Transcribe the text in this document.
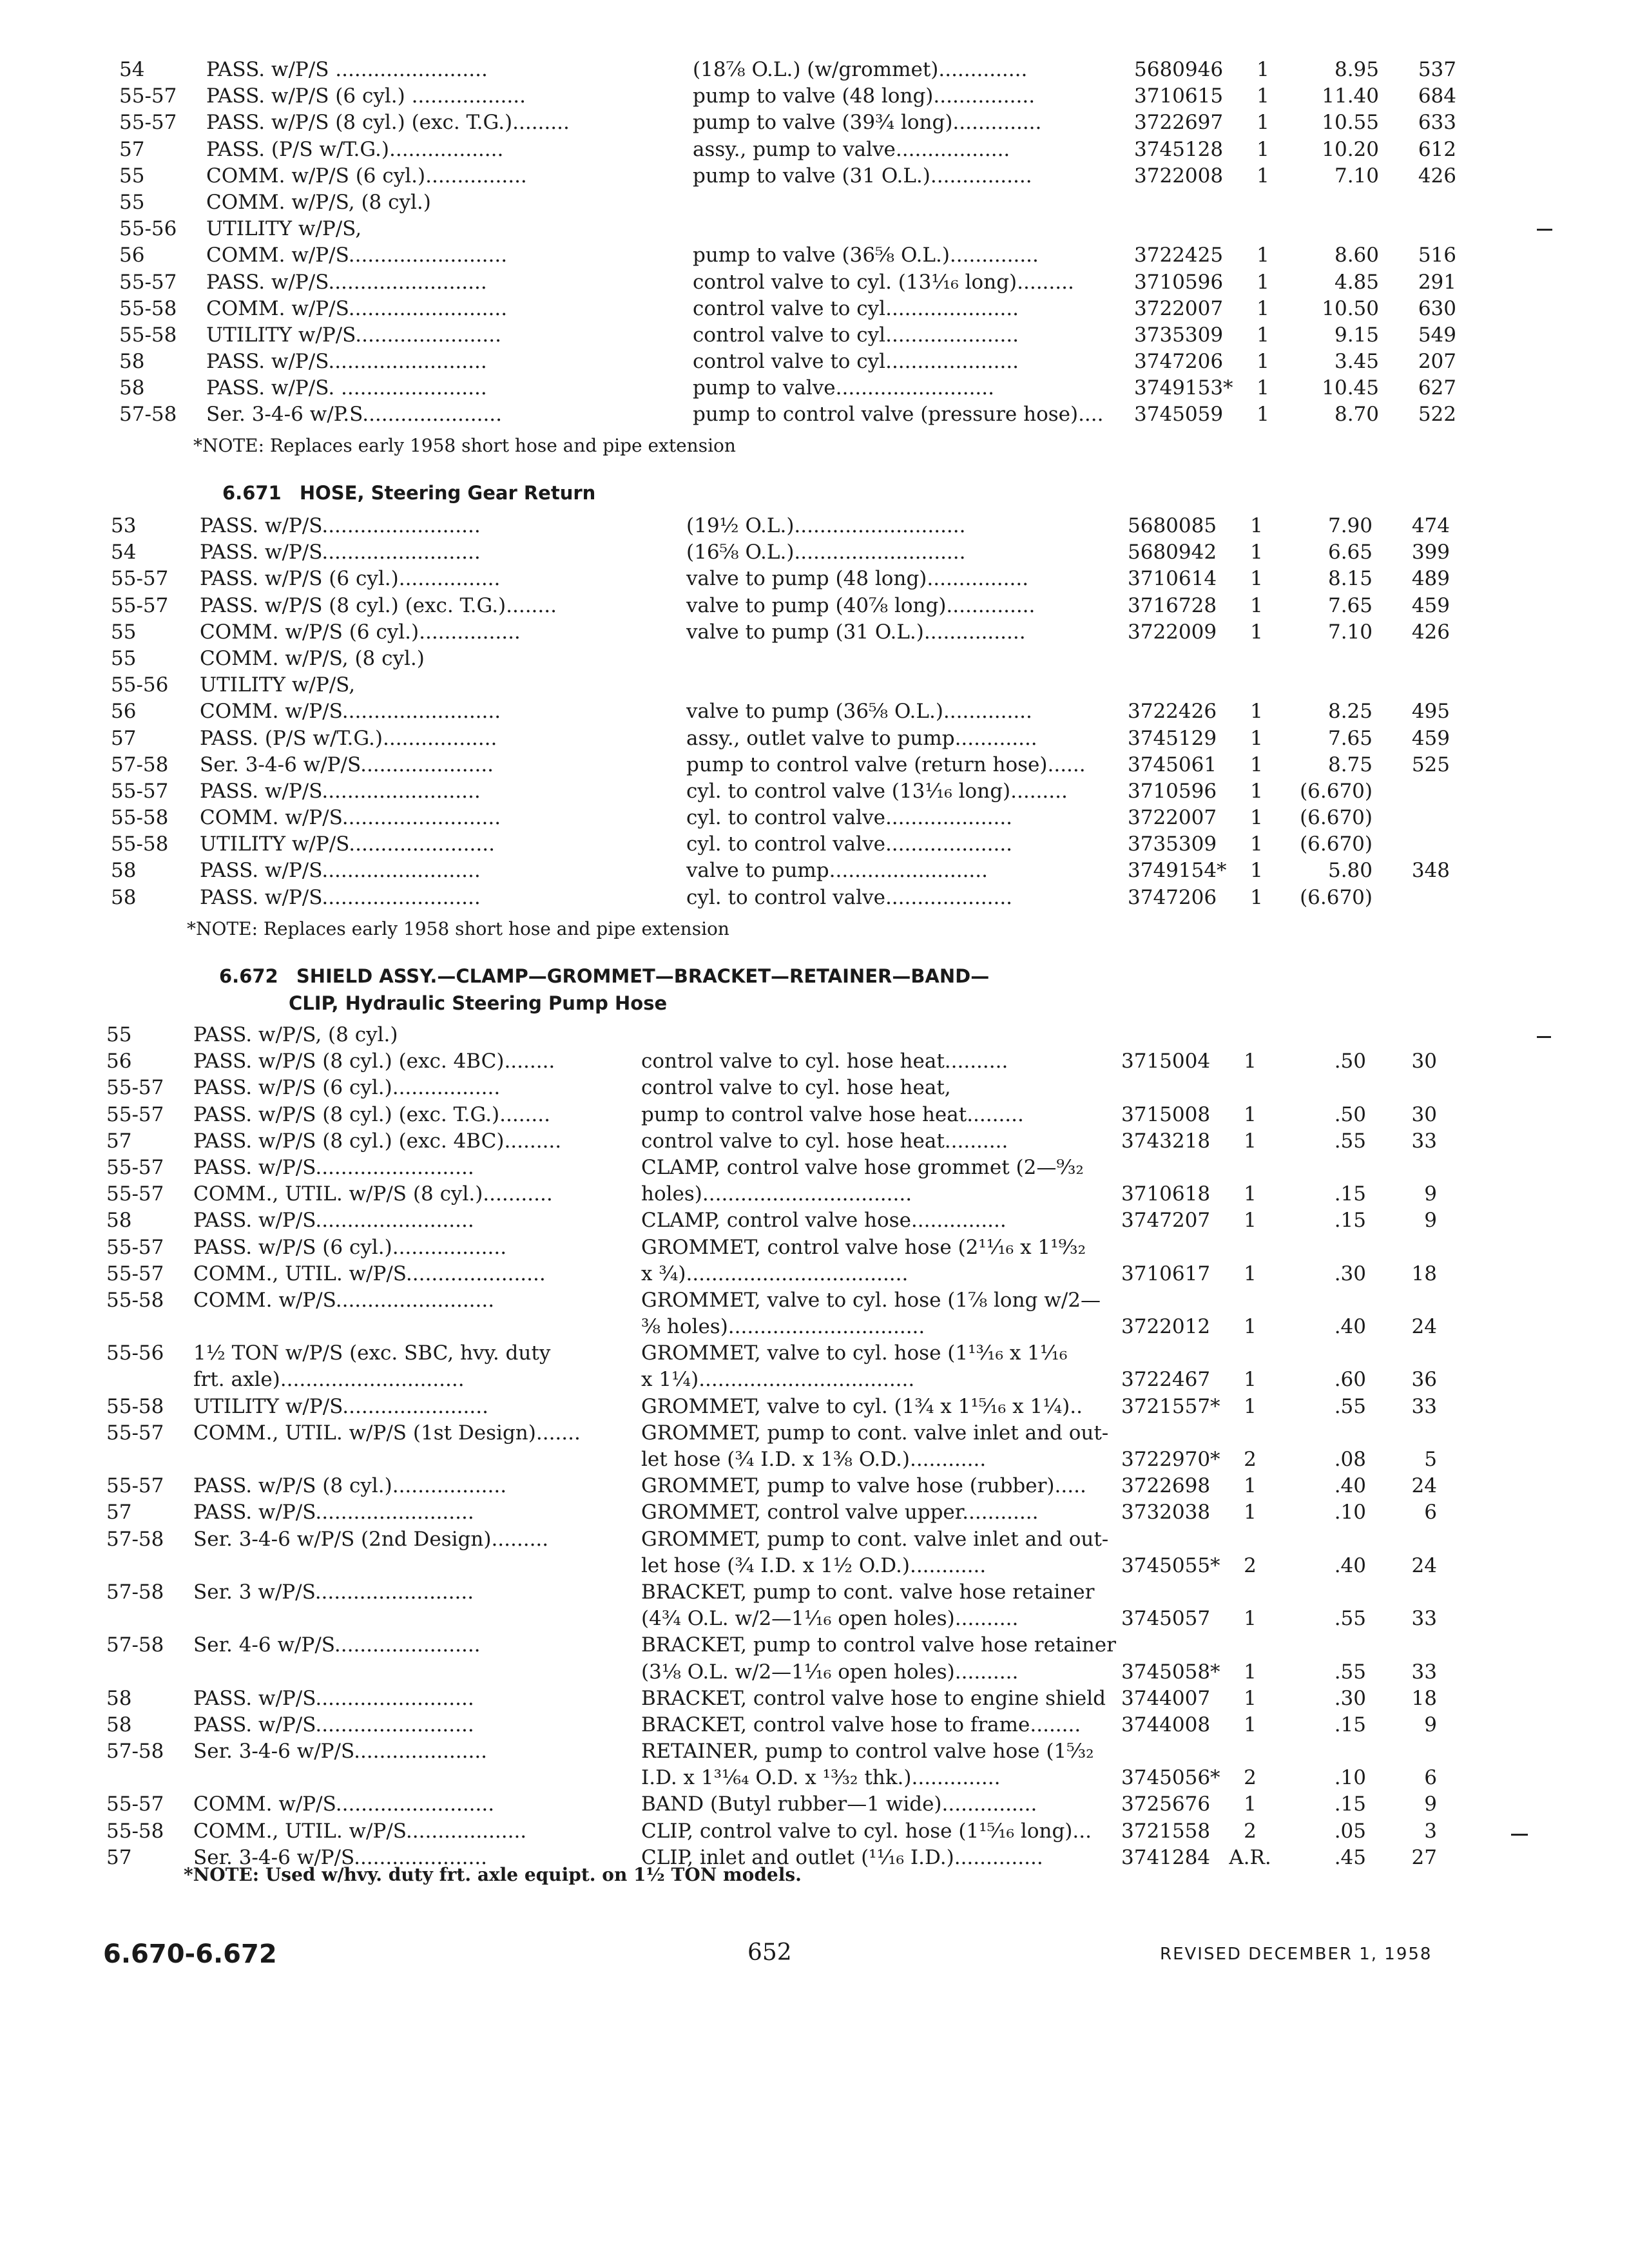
54	PASS. w/P/S ........................	(18⅞ O.L.) (w/grommet)..............	5680946	1	8.95	537
55-57 PASS. w/P/S (6 cyl.) ..................	pump to valve (48 long)................	3710615	1	11.40	684
55-57 PASS. w/P/S (8 cyl.) (exc. T.G.).........	pump to valve (39¾ long)..............	3722697	1	10.55	633
57	PASS. (P/S w/T.G.)..................	assy., pump to valve..................	3745128	1	10.20	612
55	COMM. w/P/S (6 cyl.)................	pump to valve (31 O.L.)................	3722008	1	7.10	426
55	COMM. w/P/S, (8 cyl.)
55-56 UTILITY w/P/S,
56	COMM. w/P/S.........................	pump to valve (36⅝ O.L.)..............	3722425	1	8.60	516
55-57 PASS. w/P/S.........................	control valve to cyl. (13¹⁄₁₆ long).........	3710596	1	4.85	291
55-58 COMM. w/P/S.........................	control valve to cyl.....................	3722007	1	10.50	630
55-58 UTILITY w/P/S.......................	control valve to cyl.....................	3735309	1	9.15	549
58	PASS. w/P/S.........................	control valve to cyl.....................	3747206	1	3.45	207
58	PASS. w/P/S. .......................	pump to valve.........................	3749153*	1	10.45	627
57-58 Ser. 3-4-6 w/P.S......................	pump to control valve (pressure hose)....	3745059	1	8.70	522
*NOTE: Replaces early 1958 short hose and pipe extension
6.671 HOSE, Steering Gear Return
53	PASS. w/P/S.........................	(19½ O.L.)...........................	5680085	1	7.90	474
54	PASS. w/P/S.........................	(16⅝ O.L.)...........................	5680942	1	6.65	399
55-57 PASS. w/P/S (6 cyl.)................	valve to pump (48 long)................	3710614	1	8.15	489
55-57 PASS. w/P/S (8 cyl.) (exc. T.G.)........	valve to pump (40⅞ long)..............	3716728	1	7.65	459
55	COMM. w/P/S (6 cyl.)................	valve to pump (31 O.L.)................	3722009	1	7.10	426
55	COMM. w/P/S, (8 cyl.)
55-56 UTILITY w/P/S,
56	COMM. w/P/S.........................	valve to pump (36⅝ O.L.)..............	3722426	1	8.25	495
57	PASS. (P/S w/T.G.)..................	assy., outlet valve to pump.............	3745129	1	7.65	459
57-58 Ser. 3-4-6 w/P/S.....................	pump to control valve (return hose)......	3745061	1	8.75	525
55-57 PASS. w/P/S.........................	cyl. to control valve (13¹⁄₁₆ long).........	3710596	1	(6.670)
55-58 COMM. w/P/S.........................	cyl. to control valve....................	3722007	1	(6.670)
55-58 UTILITY w/P/S.......................	cyl. to control valve....................	3735309	1	(6.670)
58	PASS. w/P/S.........................	valve to pump.........................	3749154*	1	5.80	348
58	PASS. w/P/S.........................	cyl. to control valve....................	3747206	1	(6.670)
*NOTE: Replaces early 1958 short hose and pipe extension
6.672 SHIELD ASSY.—CLAMP—GROMMET—BRACKET—RETAINER—BAND—
CLIP, Hydraulic Steering Pump Hose
55	PASS. w/P/S, (8 cyl.)
56	PASS. w/P/S (8 cyl.) (exc. 4BC)........	control valve to cyl. hose heat..........	3715004	1	.50	30
55-57 PASS. w/P/S (6 cyl.).................	control valve to cyl. hose heat,
55-57 PASS. w/P/S (8 cyl.) (exc. T.G.)........	pump to control valve hose heat.........	3715008	1	.50	30
57	PASS. w/P/S (8 cyl.) (exc. 4BC).........	control valve to cyl. hose heat..........	3743218	1	.55	33
55-57 PASS. w/P/S.........................	CLAMP, control valve hose grommet (2—⁹⁄₃₂
55-57 COMM., UTIL. w/P/S (8 cyl.)...........	holes).................................	3710618	1	.15	9
58	PASS. w/P/S.........................	CLAMP, control valve hose...............	3747207	1	.15	9
55-57 PASS. w/P/S (6 cyl.)..................	GROMMET, control valve hose (2¹¹⁄₁₆ x 1¹⁹⁄₃₂
55-57 COMM., UTIL. w/P/S......................	x ¾)...................................	3710617	1	.30	18
55-58 COMM. w/P/S.........................	GROMMET, valve to cyl. hose (1⅞ long w/2—
⅜ holes)...............................	3722012	1	.40	24
55-56 1½ TON w/P/S (exc. SBC, hvy. duty	GROMMET, valve to cyl. hose (1¹³⁄₁₆ x 1¹⁄₁₆
frt. axle).............................	x 1¼)..................................	3722467	1	.60	36
55-58 UTILITY w/P/S.......................	GROMMET, valve to cyl. (1¾ x 1¹⁵⁄₁₆ x 1¼)..	3721557*	1	.55	33
55-57 COMM., UTIL. w/P/S (1st Design).......	GROMMET, pump to cont. valve inlet and out-
let hose (¾ I.D. x 1⅜ O.D.)............	3722970*	2	.08	5
55-57 PASS. w/P/S (8 cyl.)..................	GROMMET, pump to valve hose (rubber).....	3722698	1	.40	24
57	PASS. w/P/S.........................	GROMMET, control valve upper............	3732038	1	.10	6
57-58 Ser. 3-4-6 w/P/S (2nd Design).........	GROMMET, pump to cont. valve inlet and out-
let hose (¾ I.D. x 1½ O.D.)............	3745055*	2	.40	24
57-58 Ser. 3 w/P/S.........................	BRACKET, pump to cont. valve hose retainer
(4¾ O.L. w/2—1¹⁄₁₆ open holes)..........	3745057	1	.55	33
57-58 Ser. 4-6 w/P/S.......................	BRACKET, pump to control valve hose retainer
(3⅛ O.L. w/2—1¹⁄₁₆ open holes)..........	3745058*	1	.55	33
58	PASS. w/P/S.........................	BRACKET, control valve hose to engine shield 3744007	1	.30	18
58	PASS. w/P/S.........................	BRACKET, control valve hose to frame........	3744008	1	.15	9
57-58 Ser. 3-4-6 w/P/S.....................	RETAINER, pump to control valve hose (1⁵⁄₃₂
I.D. x 1³¹⁄₆₄ O.D. x ¹³⁄₃₂ thk.)..............	3745056*	2	.10	6
55-57 COMM. w/P/S.........................	BAND (Butyl rubber—1 wide)...............	3725676	1	.15	9
55-58 COMM., UTIL. w/P/S...................	CLIP, control valve to cyl. hose (1¹⁵⁄₁₆ long)...	3721558	2	.05	3
57	Ser. 3-4-6 w/P/S.....................	CLIP, inlet and outlet (¹¹⁄₁₆ I.D.)..............	3741284 A.R.	.45	27
*NOTE: Used w/hvy. duty frt. axle equipt. on 1½ TON models.
6.670-6.672	652	REVISED DECEMBER 1, 1958
